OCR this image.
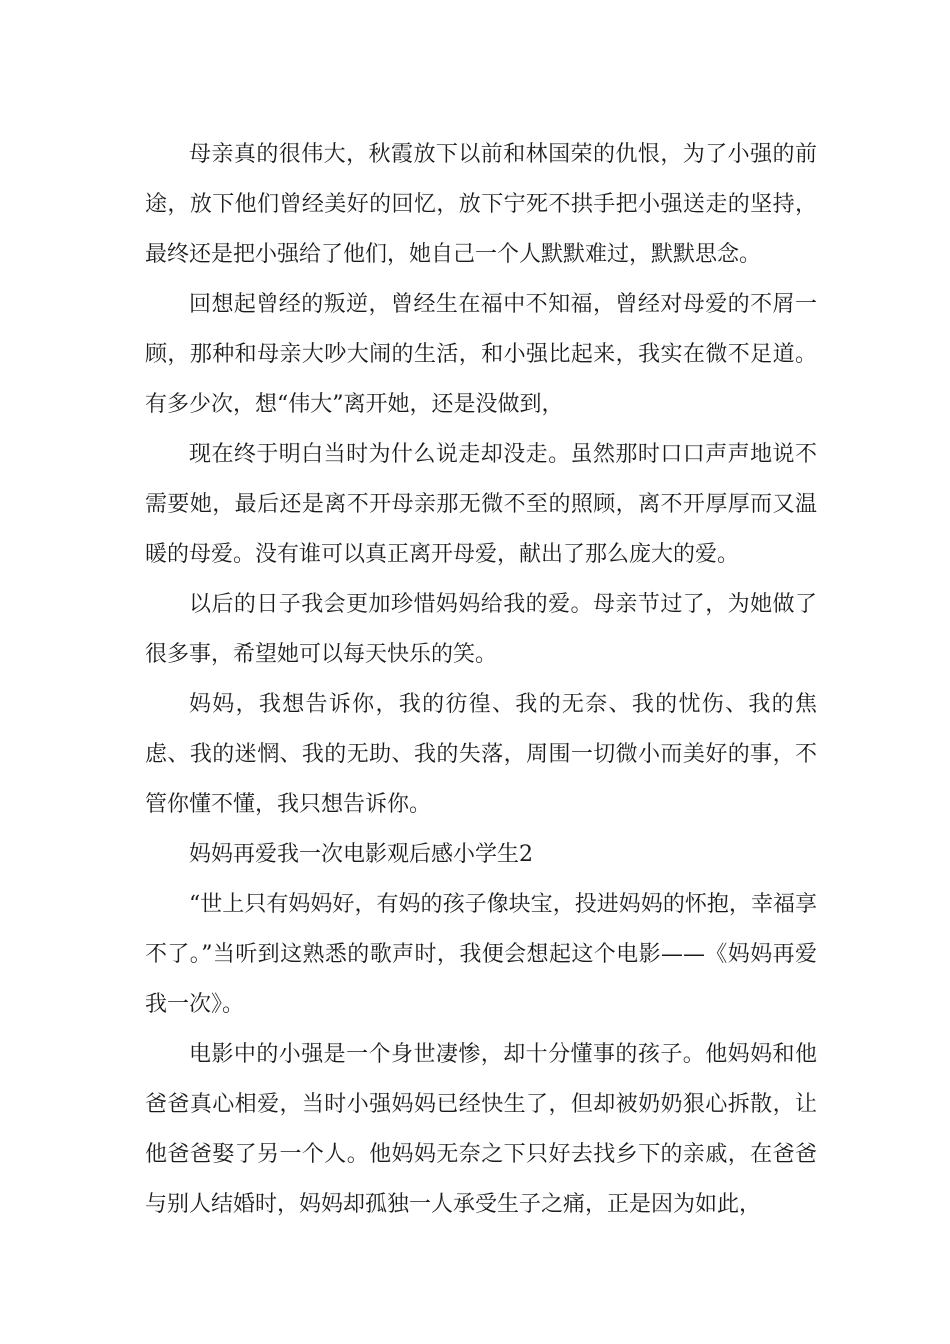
母亲真的很伟大，秋霞放下以前和林国荣的仇恨，为了小强的前途，放下他们曾经美好的回忆，放下宁死不拱手把小强送走的坚持，最终还是把小强给了他们，她自己一个人默默难过，默默思念。

回想起曾经的叛逆，曾经生在福中不知福，曾经对母爱的不屑一顾，那种和母亲大吵大闹的生活，和小强比起来，我实在微不足道。有多少次，想“伟大”离开她，还是没做到，

现在终于明白当时为什么说走却没走。虽然那时口口声声地说不需要她，最后还是离不开母亲那无微不至的照顾，离不开厚厚而又温暖的母爱。没有谁可以真正离开母爱，献出了那么庞大的爱。

以后的日子我会更加珍惜妈妈给我的爱。母亲节过了，为她做了很多事，希望她可以每天快乐的笑。

妈妈，我想告诉你，我的彷徨、我的无奈、我的忧伤、我的焦虑、我的迷惘、我的无助、我的失落，周围一切微小而美好的事，不管你懂不懂，我只想告诉你。

妈妈再爱我一次电影观后感小学生2

“世上只有妈妈好，有妈的孩子像块宝，投进妈妈的怀抱，幸福享不了。”当听到这熟悉的歌声时，我便会想起这个电影——《妈妈再爱我一次》。

电影中的小强是一个身世凄惨，却十分懂事的孩子。他妈妈和他爸爸真心相爱，当时小强妈妈已经快生了，但却被奶奶狠心拆散，让他爸爸娶了另一个人。他妈妈无奈之下只好去找乡下的亲戚，在爸爸与别人结婚时，妈妈却孤独一人承受生子之痛，正是因为如此，
